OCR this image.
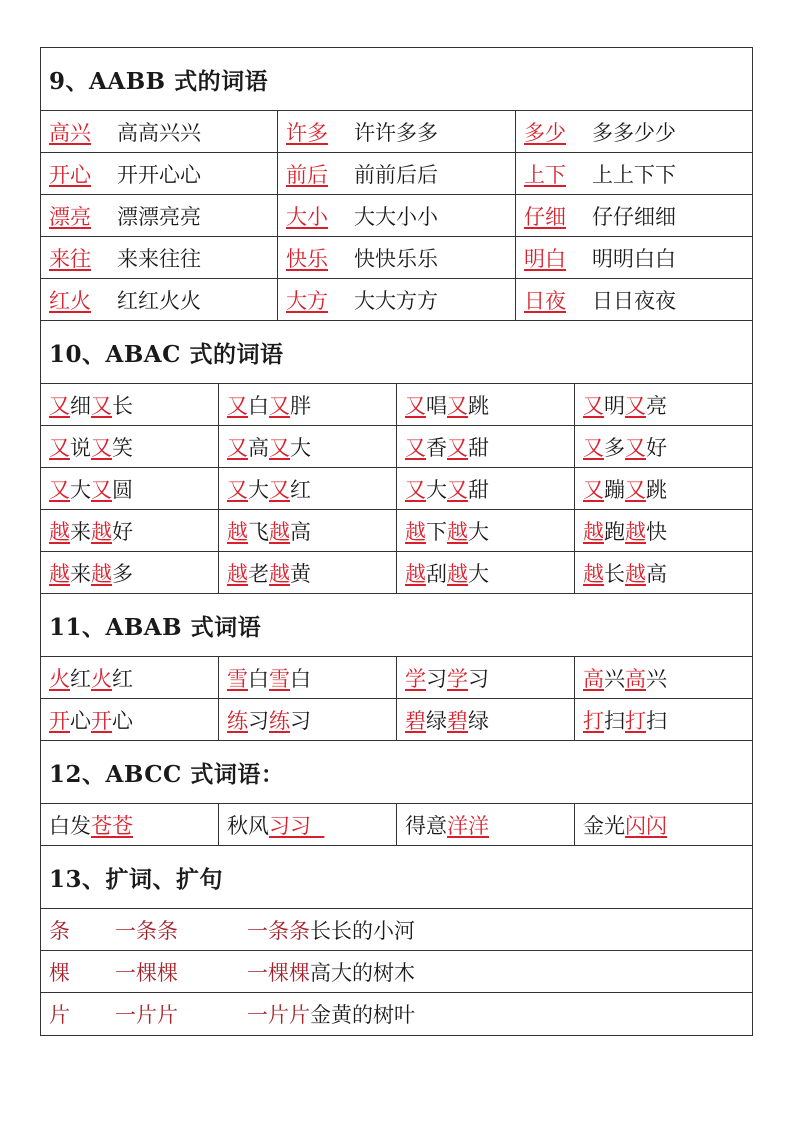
9、AABB 式的词语
高兴 高高兴兴	许多 许许多多	多少 多多少少
开心 开开心心	前后 前前后后	上下 上上下下
漂亮 漂漂亮亮	大小 大大小小	仔细 仔仔细细
来往 来来往往	快乐 快快乐乐	明白 明明白白
红火 红红火火	大方 大大方方	日夜 日日夜夜
10、ABAC 式的词语
又 细 又 长	又 白 又 胖	又 唱 又 跳	又 明 又 亮
又 说 又 笑	又 高 又 大	又 香 又 甜	又 多 又 好
又 大 又 圆	又 大 又 红	又 大 又 甜	又 蹦 又 跳
越 来 越 好	越 飞 越 高	越 下 越 大	越 跑 越 快
越 来 越 多	越 老 越 黄	越 刮 越 大	越 长 越 高
11、ABAB 式词语
火 红 火 红	雪 白 雪 白	学 习 学 习	高 兴 高 兴
开 心 开 心	练 习 练 习	碧 绿 碧 绿	打 扫 打 扫
12、ABCC 式词语：
白发 苍苍	秋风 习习	得意 洋洋	金光 闪闪
13、扩词、扩句
条	一条条	一条条 长长的小河
棵	一棵棵	一棵棵 高大的树木
片	一片片	一片片 金黄的树叶
